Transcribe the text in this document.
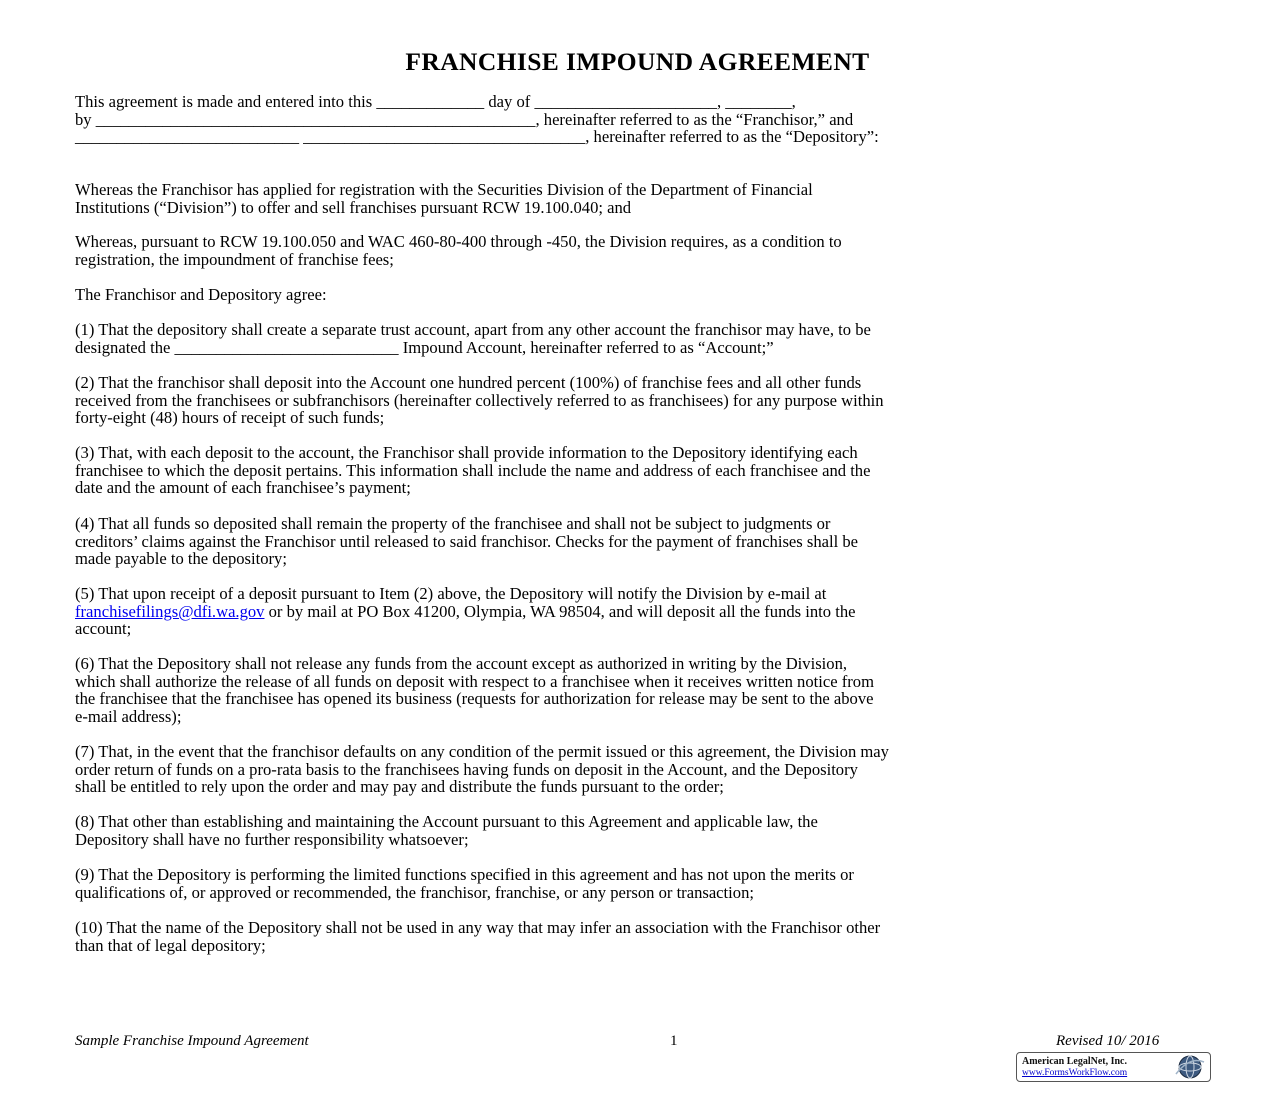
FRANCHISE IMPOUND AGREEMENT
This agreement is made and entered into this _____________ day of ______________________, ________,
by _____________________________________________________, hereinafter referred to as the “Franchisor,” and
___________________________ __________________________________, hereinafter referred to as the “Depository”:
Whereas the Franchisor has applied for registration with the Securities Division of the Department of Financial
Institutions (“Division”) to offer and sell franchises pursuant RCW 19.100.040; and
Whereas, pursuant to RCW 19.100.050 and WAC 460-80-400 through -450, the Division requires, as a condition to
registration, the impoundment of franchise fees;
The Franchisor and Depository agree:
(1) That the depository shall create a separate trust account, apart from any other account the franchisor may have, to be
designated the ___________________________ Impound Account, hereinafter referred to as “Account;”
(2) That the franchisor shall deposit into the Account one hundred percent (100%) of franchise fees and all other funds
received from the franchisees or subfranchisors (hereinafter collectively referred to as franchisees) for any purpose within
forty-eight (48) hours of receipt of such funds;
(3) That, with each deposit to the account, the Franchisor shall provide information to the Depository identifying each
franchisee to which the deposit pertains. This information shall include the name and address of each franchisee and the
date and the amount of each franchisee’s payment;
(4) That all funds so deposited shall remain the property of the franchisee and shall not be subject to judgments or
creditors’ claims against the Franchisor until released to said franchisor. Checks for the payment of franchises shall be
made payable to the depository;
(5) That upon receipt of a deposit pursuant to Item (2) above, the Depository will notify the Division by e-mail at
franchisefilings@dfi.wa.gov or by mail at PO Box 41200, Olympia, WA 98504, and will deposit all the funds into the
account;
(6) That the Depository shall not release any funds from the account except as authorized in writing by the Division,
which shall authorize the release of all funds on deposit with respect to a franchisee when it receives written notice from
the franchisee that the franchisee has opened its business (requests for authorization for release may be sent to the above
e-mail address);
(7) That, in the event that the franchisor defaults on any condition of the permit issued or this agreement, the Division may
order return of funds on a pro-rata basis to the franchisees having funds on deposit in the Account, and the Depository
shall be entitled to rely upon the order and may pay and distribute the funds pursuant to the order;
(8) That other than establishing and maintaining the Account pursuant to this Agreement and applicable law, the
Depository shall have no further responsibility whatsoever;
(9) That the Depository is performing the limited functions specified in this agreement and has not upon the merits or
qualifications of, or approved or recommended, the franchisor, franchise, or any person or transaction;
(10) That the name of the Depository shall not be used in any way that may infer an association with the Franchisor other
than that of legal depository;
Sample Franchise Impound Agreement	1	Revised 10/ 2016
American LegalNet, Inc.
www.FormsWorkFlow.com
